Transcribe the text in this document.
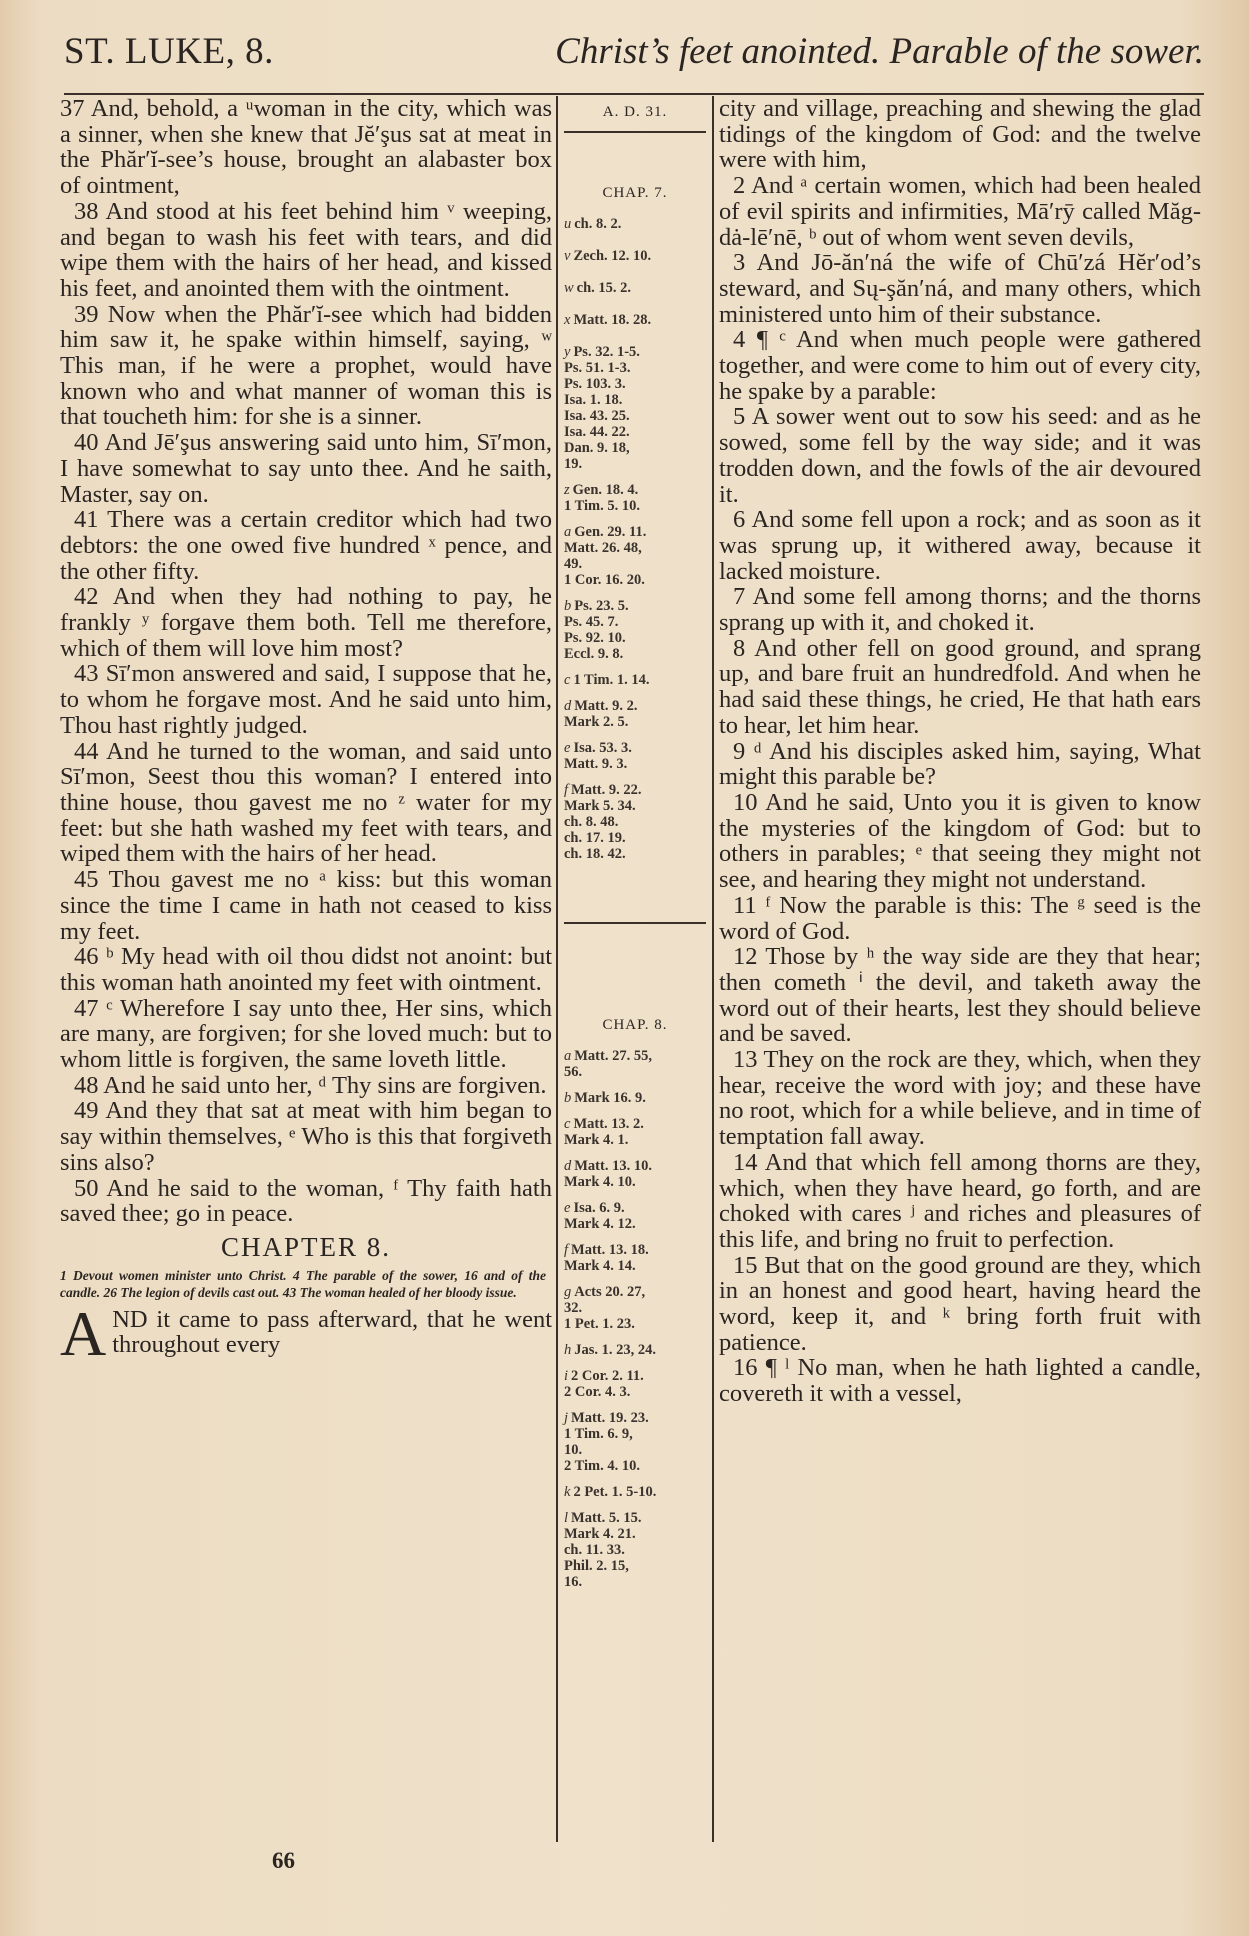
ST. LUKE, 8.	Christ’s feet anointed. Parable of the sower.

37 And, behold, a ᵘwoman in the city, which was a sinner, when she knew that Jĕ′şus sat at meat in the Phăr′ĭ-see’s house, brought an alabaster box of ointment,

38 And stood at his feet behind him ᵛ weeping, and began to wash his feet with tears, and did wipe them with the hairs of her head, and kissed his feet, and anointed them with the ointment.

39 Now when the Phăr′ĭ-see which had bidden him saw it, he spake within himself, saying, ʷ This man, if he were a prophet, would have known who and what manner of woman this is that toucheth him: for she is a sinner.

40 And Jē′şus answering said unto him, Sī′mon, I have somewhat to say unto thee. And he saith, Master, say on.

41 There was a certain creditor which had two debtors: the one owed five hundred ˣ pence, and the other fifty.

42 And when they had nothing to pay, he frankly ʸ forgave them both. Tell me therefore, which of them will love him most?

43 Sī′mon answered and said, I suppose that he, to whom he forgave most. And he said unto him, Thou hast rightly judged.

44 And he turned to the woman, and said unto Sī′mon, Seest thou this woman? I entered into thine house, thou gavest me no ᶻ water for my feet: but she hath washed my feet with tears, and wiped them with the hairs of her head.

45 Thou gavest me no ᵃ kiss: but this woman since the time I came in hath not ceased to kiss my feet.

46 ᵇ My head with oil thou didst not anoint: but this woman hath anointed my feet with ointment.

47 ᶜ Wherefore I say unto thee, Her sins, which are many, are forgiven; for she loved much: but to whom little is forgiven, the same loveth little.

48 And he said unto her, ᵈ Thy sins are forgiven.

49 And they that sat at meat with him began to say within themselves, ᵉ Who is this that forgiveth sins also?

50 And he said to the woman, ᶠ Thy faith hath saved thee; go in peace.

CHAPTER 8.

1 Devout women minister unto Christ. 4 The parable of the sower, 16 and of the candle. 26 The legion of devils cast out. 43 The woman healed of her bloody issue.

AND it came to pass afterward, that he went throughout every

A. D. 31.
CHAP. 7.
u ch. 8. 2.
v Zech. 12. 10.
w ch. 15. 2.
x Matt. 18. 28.
y Ps. 32. 1-5.
Ps. 51. 1-3.
Ps. 103. 3.
Isa. 1. 18.
Isa. 43. 25.
Isa. 44. 22.
Dan. 9. 18,
19.
z Gen. 18. 4.
1 Tim. 5. 10.
a Gen. 29. 11.
Matt. 26. 48,
49.
1 Cor. 16. 20.
b Ps. 23. 5.
Ps. 45. 7.
Ps. 92. 10.
Eccl. 9. 8.
c 1 Tim. 1. 14.
d Matt. 9. 2.
Mark 2. 5.
e Isa. 53. 3.
Matt. 9. 3.
f Matt. 9. 22.
Mark 5. 34.
ch. 8. 48.
ch. 17. 19.
ch. 18. 42.
CHAP. 8.
a Matt. 27. 55,
56.
b Mark 16. 9.
c Matt. 13. 2.
Mark 4. 1.
d Matt. 13. 10.
Mark 4. 10.
e Isa. 6. 9.
Mark 4. 12.
f Matt. 13. 18.
Mark 4. 14.
g Acts 20. 27,
32.
1 Pet. 1. 23.
h Jas. 1. 23, 24.
i 2 Cor. 2. 11.
2 Cor. 4. 3.
j Matt. 19. 23.
1 Tim. 6. 9,
10.
2 Tim. 4. 10.
k 2 Pet. 1. 5-10.
l Matt. 5. 15.
Mark 4. 21.
ch. 11. 33.
Phil. 2. 15,
16.

city and village, preaching and shewing the glad tidings of the kingdom of God: and the twelve were with him,

2 And ᵃ certain women, which had been healed of evil spirits and infirmities, Mā′rȳ called Măg-dȧ-lē′nē, ᵇ out of whom went seven devils,

3 And Jō-ăn′ná the wife of Chū′zá Hĕr′od’s steward, and Sų-şăn′ná, and many others, which ministered unto him of their substance.

4 ¶ ᶜ And when much people were gathered together, and were come to him out of every city, he spake by a parable:

5 A sower went out to sow his seed: and as he sowed, some fell by the way side; and it was trodden down, and the fowls of the air devoured it.

6 And some fell upon a rock; and as soon as it was sprung up, it withered away, because it lacked moisture.

7 And some fell among thorns; and the thorns sprang up with it, and choked it.

8 And other fell on good ground, and sprang up, and bare fruit an hundredfold. And when he had said these things, he cried, He that hath ears to hear, let him hear.

9 ᵈ And his disciples asked him, saying, What might this parable be?

10 And he said, Unto you it is given to know the mysteries of the kingdom of God: but to others in parables; ᵉ that seeing they might not see, and hearing they might not understand.

11 ᶠ Now the parable is this: The ᵍ seed is the word of God.

12 Those by ʰ the way side are they that hear; then cometh ⁱ the devil, and taketh away the word out of their hearts, lest they should believe and be saved.

13 They on the rock are they, which, when they hear, receive the word with joy; and these have no root, which for a while believe, and in time of temptation fall away.

14 And that which fell among thorns are they, which, when they have heard, go forth, and are choked with cares ʲ and riches and pleasures of this life, and bring no fruit to perfection.

15 But that on the good ground are they, which in an honest and good heart, having heard the word, keep it, and ᵏ bring forth fruit with patience.

16 ¶ ˡ No man, when he hath lighted a candle, covereth it with a vessel,

66
